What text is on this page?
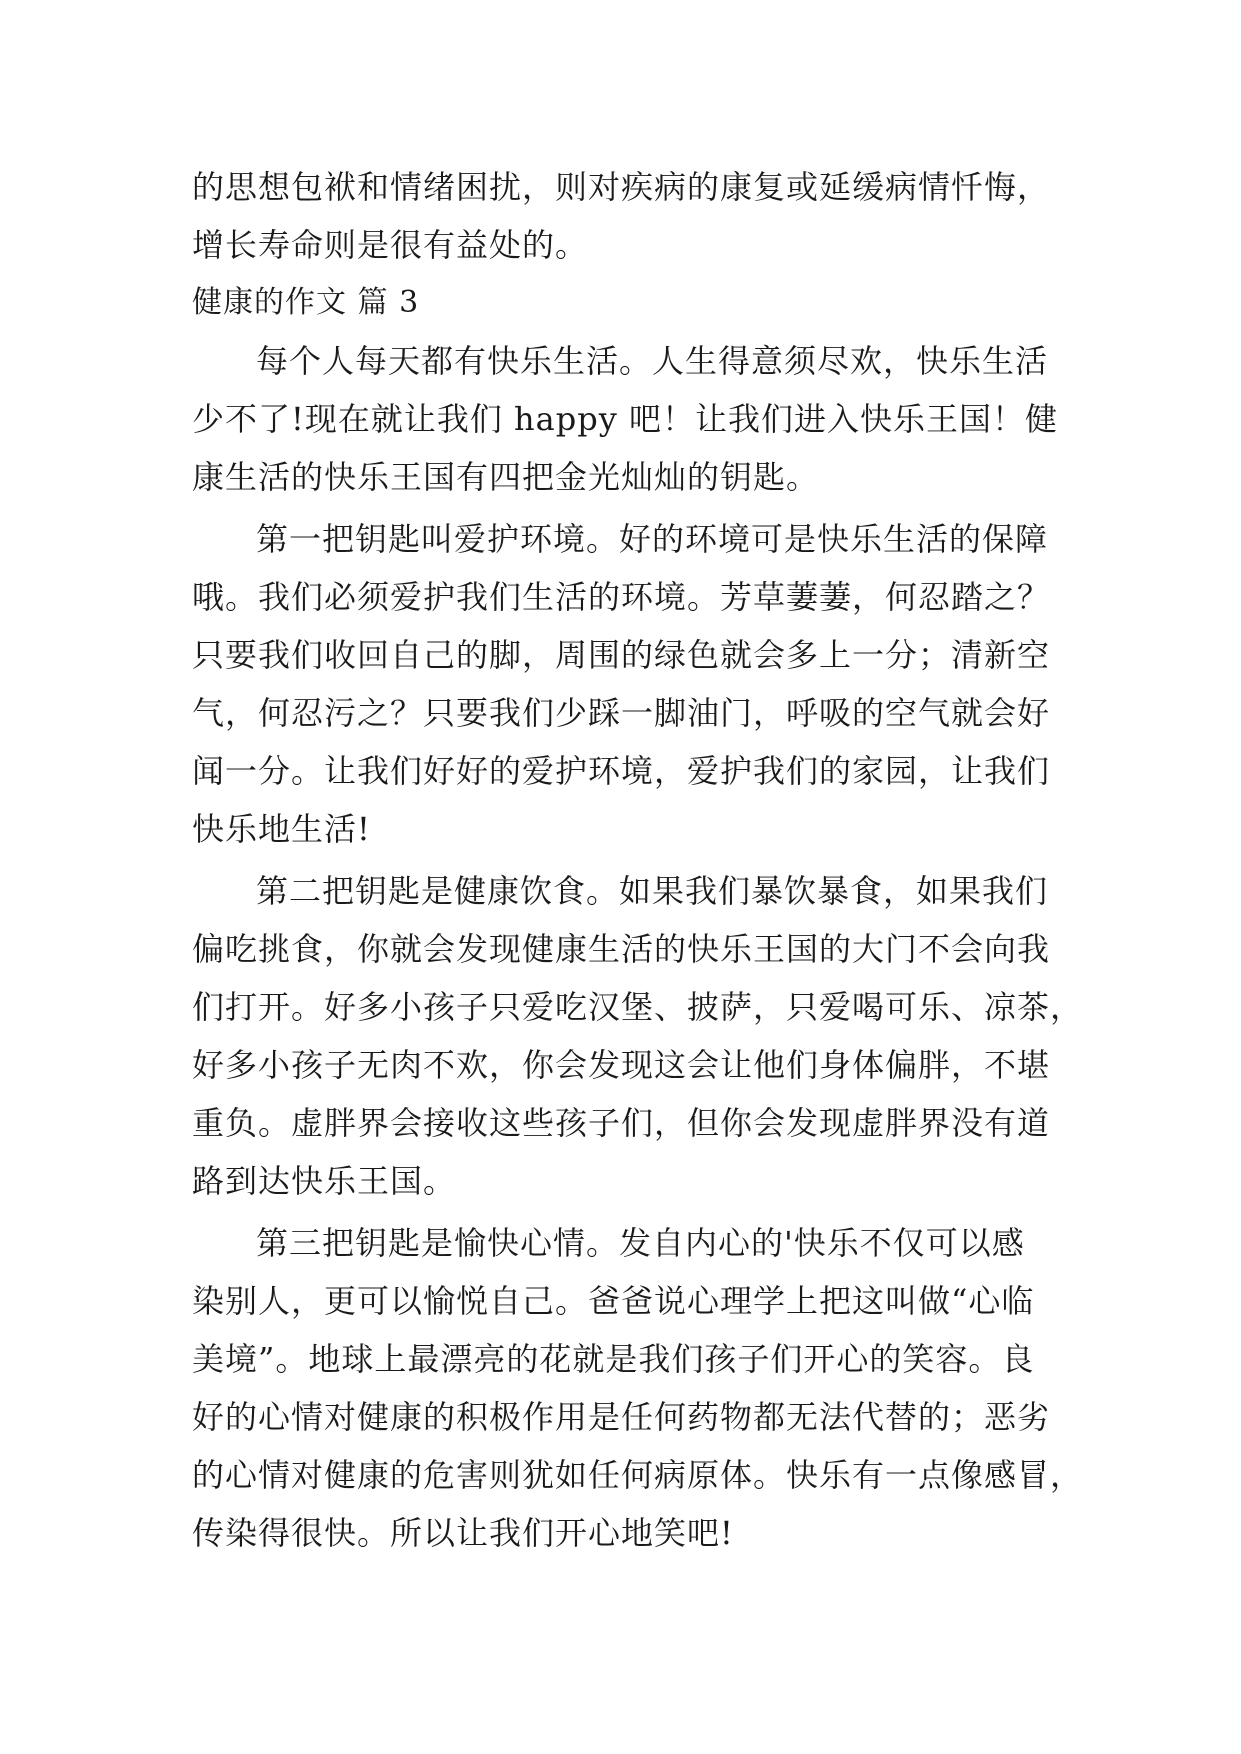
的思想包袱和情绪困扰，则对疾病的康复或延缓病情忏悔，
增长寿命则是很有益处的。
健康的作文 篇 3
每个人每天都有快乐生活。人生得意须尽欢，快乐生活
少不了!现在就让我们 happy 吧！让我们进入快乐王国！健
康生活的快乐王国有四把金光灿灿的钥匙。
第一把钥匙叫爱护环境。好的环境可是快乐生活的保障
哦。我们必须爱护我们生活的环境。芳草萋萋，何忍踏之？
只要我们收回自己的脚，周围的绿色就会多上一分；清新空
气，何忍污之？只要我们少踩一脚油门，呼吸的空气就会好
闻一分。让我们好好的爱护环境，爱护我们的家园，让我们
快乐地生活!
第二把钥匙是健康饮食。如果我们暴饮暴食，如果我们
偏吃挑食，你就会发现健康生活的快乐王国的大门不会向我
们打开。好多小孩子只爱吃汉堡、披萨，只爱喝可乐、凉茶，
好多小孩子无肉不欢，你会发现这会让他们身体偏胖，不堪
重负。虚胖界会接收这些孩子们，但你会发现虚胖界没有道
路到达快乐王国。
第三把钥匙是愉快心情。发自内心的'快乐不仅可以感
染别人，更可以愉悦自己。爸爸说心理学上把这叫做“心临
美境”。地球上最漂亮的花就是我们孩子们开心的笑容。良
好的心情对健康的积极作用是任何药物都无法代替的；恶劣
的心情对健康的危害则犹如任何病原体。快乐有一点像感冒，
传染得很快。所以让我们开心地笑吧!
